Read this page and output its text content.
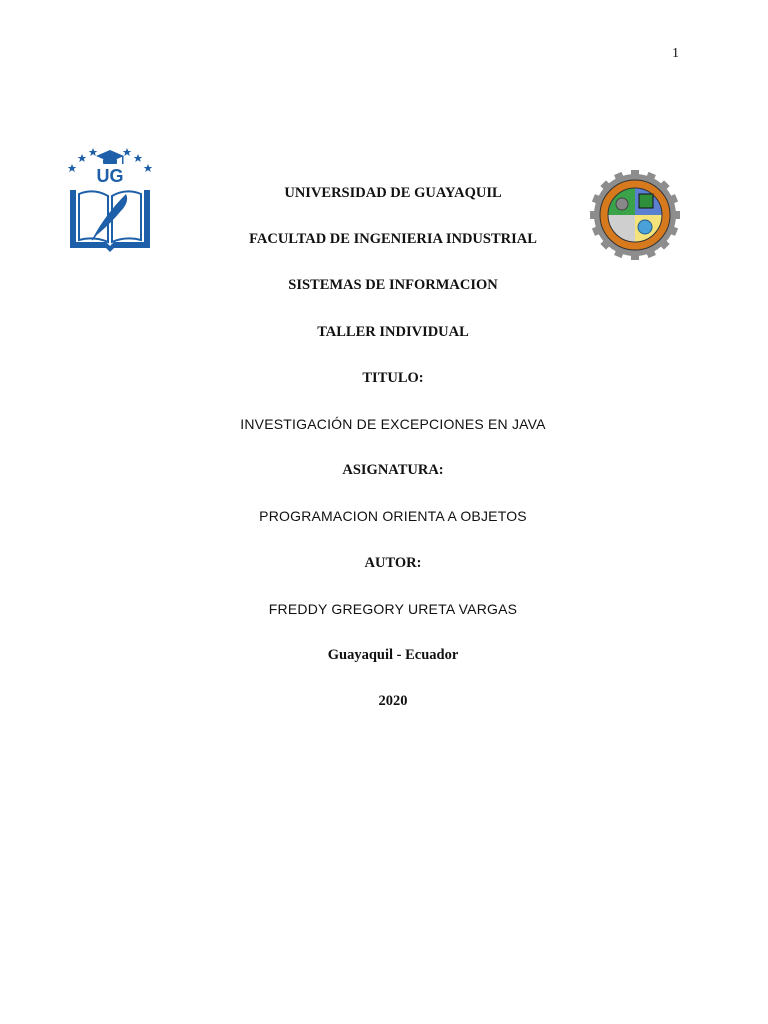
1
UG
UNIVERSIDAD DE GUAYAQUIL
FACULTAD DE INGENIERIA INDUSTRIAL
SISTEMAS DE INFORMACION
TALLER INDIVIDUAL
TITULO:
INVESTIGACIÓN DE EXCEPCIONES EN JAVA
ASIGNATURA:
PROGRAMACION ORIENTA A OBJETOS
AUTOR:
FREDDY GREGORY URETA VARGAS
Guayaquil - Ecuador
2020
